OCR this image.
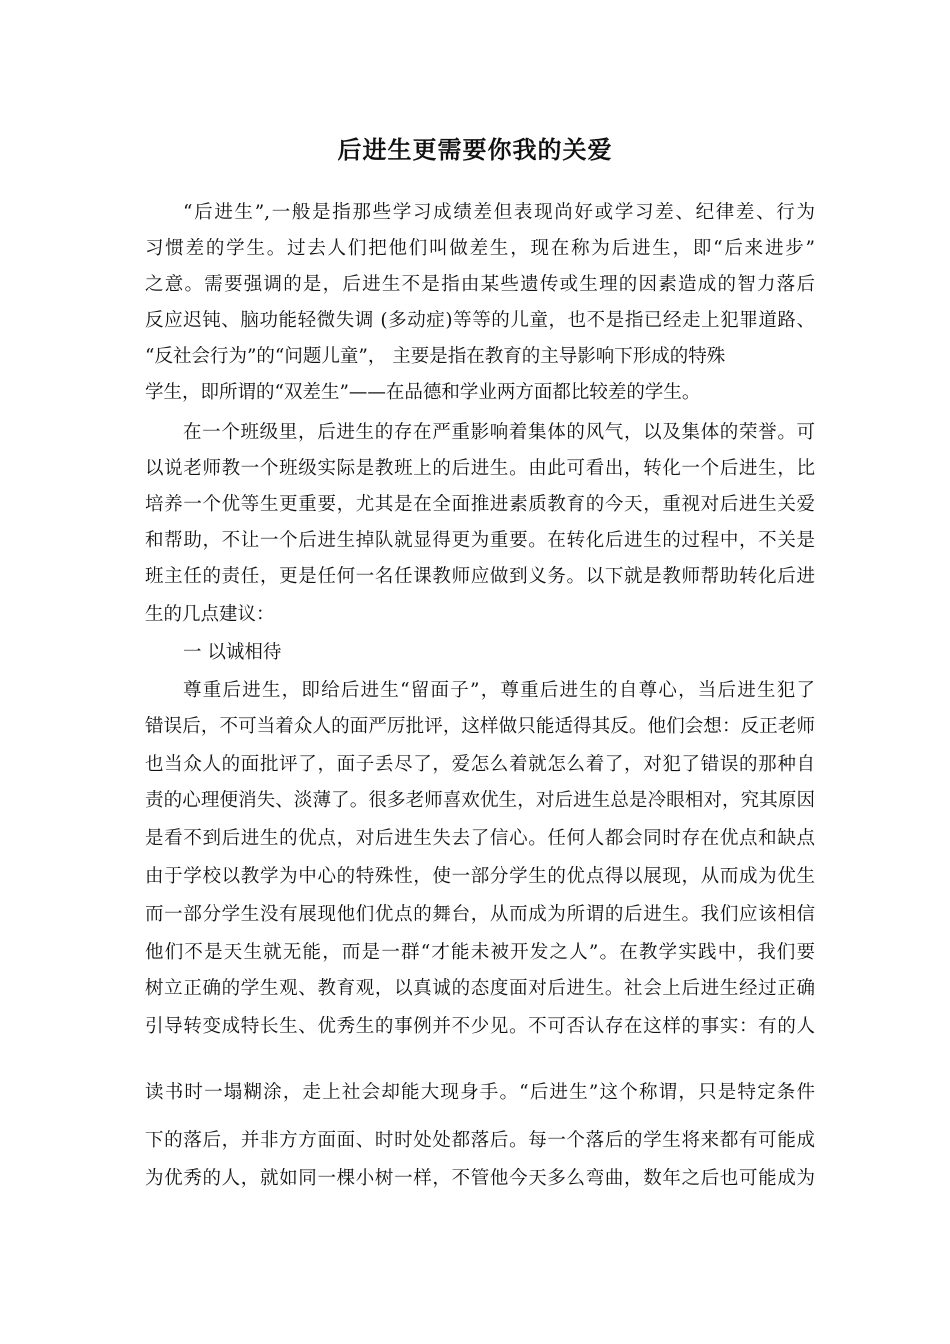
后进生更需要你我的关爱
“后进生”,一般是指那些学习成绩差但表现尚好或学习差、纪律差、行为
习惯差的学生。过去人们把他们叫做差生，现在称为后进生，即“后来进步”
之意。需要强调的是，后进生不是指由某些遗传或生理的因素造成的智力落后
反应迟钝、脑功能轻微失调 (多动症)等等的儿童，也不是指已经走上犯罪道路、
“反社会行为”的“问题儿童”， 主要是指在教育的主导影响下形成的特殊
学生，即所谓的“双差生”——在品德和学业两方面都比较差的学生。
在一个班级里，后进生的存在严重影响着集体的风气，以及集体的荣誉。可
以说老师教一个班级实际是教班上的后进生。由此可看出，转化一个后进生，比
培养一个优等生更重要，尤其是在全面推进素质教育的今天，重视对后进生关爱
和帮助，不让一个后进生掉队就显得更为重要。在转化后进生的过程中，不关是
班主任的责任，更是任何一名任课教师应做到义务。以下就是教师帮助转化后进
生的几点建议：
一 以诚相待
尊重后进生，即给后进生“留面子”，尊重后进生的自尊心，当后进生犯了
错误后，不可当着众人的面严厉批评，这样做只能适得其反。他们会想：反正老师
也当众人的面批评了，面子丢尽了，爱怎么着就怎么着了，对犯了错误的那种自
责的心理便消失、淡薄了。很多老师喜欢优生，对后进生总是冷眼相对，究其原因
是看不到后进生的优点，对后进生失去了信心。任何人都会同时存在优点和缺点
由于学校以教学为中心的特殊性，使一部分学生的优点得以展现，从而成为优生
而一部分学生没有展现他们优点的舞台，从而成为所谓的后进生。我们应该相信
他们不是天生就无能，而是一群“才能未被开发之人”。在教学实践中，我们要
树立正确的学生观、教育观，以真诚的态度面对后进生。社会上后进生经过正确
引导转变成特长生、优秀生的事例并不少见。不可否认存在这样的事实：有的人
读书时一塌糊涂，走上社会却能大现身手。“后进生”这个称谓，只是特定条件
下的落后，并非方方面面、时时处处都落后。每一个落后的学生将来都有可能成
为优秀的人，就如同一棵小树一样，不管他今天多么弯曲，数年之后也可能成为
